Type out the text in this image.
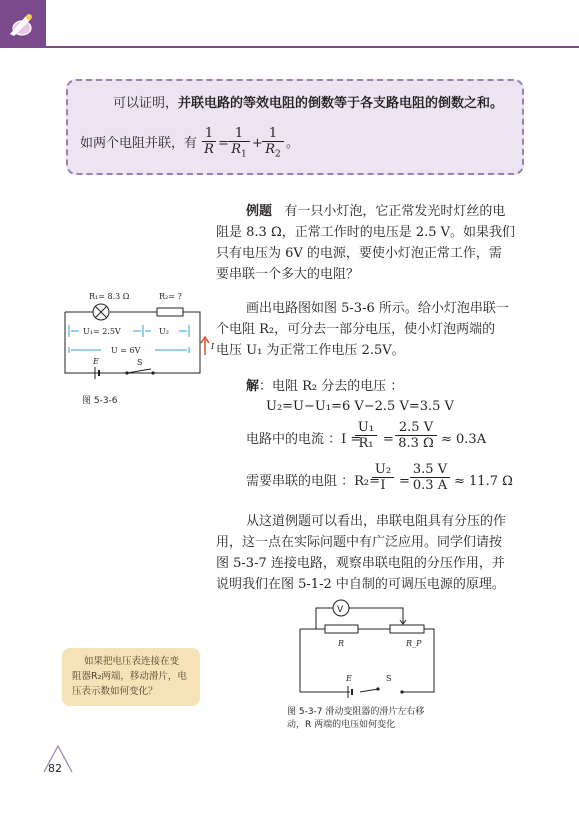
可以证明，并联电路的等效电阻的倒数等于各支路电阻的倒数之和。
如两个电阻并联，有 $\frac{1}{R} = \frac{1}{R_1} + \frac{1}{R_2}$ 。
例题 有一只小灯泡，它正常发光时灯丝的电
阻是 8.3 Ω，正常工作时的电压是 2.5 V。如果我们
只有电压为 6V 的电源，要使小灯泡正常工作，需
要串联一个多大的电阻？
画出电路图如图 5-3-6 所示。给小灯泡串联一
个电阻 R₂，可分去一部分电压，使小灯泡两端的
电压 U₁ 为正常工作电压 2.5V。
解：电阻 R₂ 分去的电压 ：
U₂=U−U₁=6 V−2.5 V=3.5 V
电路中的电流 ：I =
$\frac{\text{U₁}}{\text{R₁}} = \frac{2.5 V}{8.3 \Omega} \approx 0.3A$
需要串联的电阻 ：R₂=
$\frac{\text{U₂}}{I} = \frac{3.5 V}{0.3 A} \approx 11.7$ Ω
从这道例题可以看出，串联电阻具有分压的作
用，这一点在实际问题中有广泛应用。同学们请按
图 5-3-7 连接电路，观察串联电阻的分压作用，并
说明我们在图 5-1-2 中自制的可调压电源的原理。
R₁= 8.3 Ω	R₂= ?
U₁= 2.5V	U₂
U = 6V
E	S
I
图 5-3-6
V
R	R_P
E	S
图 5-3-7 滑动变阻器的滑片左右移
动，R 两端的电压如何变化
如果把电压表连接在变
阻器R₂两端，移动滑片，电
压表示数如何变化？
82
